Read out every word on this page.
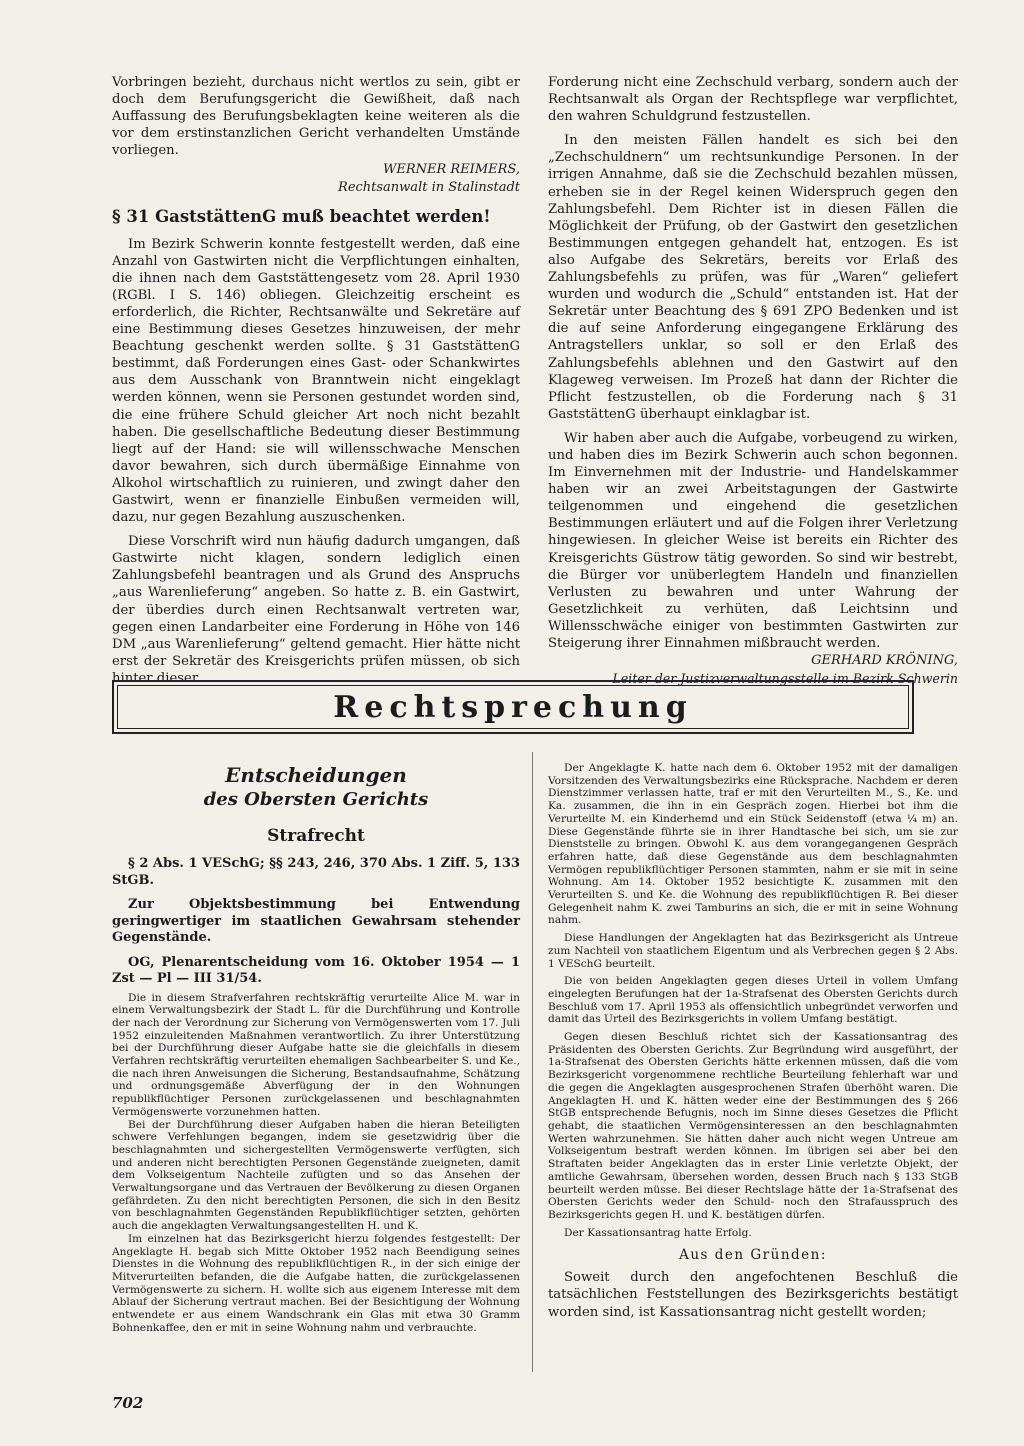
Vorbringen bezieht, durchaus nicht wertlos zu sein, gibt er doch dem Berufungsgericht die Gewißheit, daß nach Auffassung des Berufungsbeklagten keine weiteren als die vor dem erstinstanzlichen Gericht verhandelten Umstände vorliegen.

WERNER REIMERS,
Rechtsanwalt in Stalinstadt
§ 31 GaststättenG muß beachtet werden!

Im Bezirk Schwerin konnte festgestellt werden, daß eine Anzahl von Gastwirten nicht die Verpflichtungen einhalten, die ihnen nach dem Gaststättengesetz vom 28. April 1930 (RGBl. I S. 146) obliegen. Gleichzeitig erscheint es erforderlich, die Richter, Rechtsanwälte und Sekretäre auf eine Bestimmung dieses Gesetzes hinzuweisen, der mehr Beachtung geschenkt werden sollte. § 31 GaststättenG bestimmt, daß Forderungen eines Gast- oder Schankwirtes aus dem Ausschank von Branntwein nicht eingeklagt werden können, wenn sie Personen gestundet worden sind, die eine frühere Schuld gleicher Art noch nicht bezahlt haben. Die gesellschaftliche Bedeutung dieser Bestimmung liegt auf der Hand: sie will willensschwache Menschen davor bewahren, sich durch übermäßige Einnahme von Alkohol wirtschaftlich zu ruinieren, und zwingt daher den Gastwirt, wenn er finanzielle Einbußen vermeiden will, dazu, nur gegen Bezahlung auszuschenken.

Diese Vorschrift wird nun häufig dadurch umgangen, daß Gastwirte nicht klagen, sondern lediglich einen Zahlungsbefehl beantragen und als Grund des Anspruchs „aus Warenlieferung“ angeben. So hatte z. B. ein Gastwirt, der überdies durch einen Rechtsanwalt vertreten war, gegen einen Landarbeiter eine Forderung in Höhe von 146 DM „aus Warenlieferung“ geltend gemacht. Hier hätte nicht erst der Sekretär des Kreisgerichts prüfen müssen, ob sich hinter dieser

Forderung nicht eine Zechschuld verbarg, sondern auch der Rechtsanwalt als Organ der Rechtspflege war verpflichtet, den wahren Schuldgrund festzustellen.

In den meisten Fällen handelt es sich bei den „Zechschuldnern“ um rechtsunkundige Personen. In der irrigen Annahme, daß sie die Zechschuld bezahlen müssen, erheben sie in der Regel keinen Widerspruch gegen den Zahlungsbefehl. Dem Richter ist in diesen Fällen die Möglichkeit der Prüfung, ob der Gastwirt den gesetzlichen Bestimmungen entgegen gehandelt hat, entzogen. Es ist also Aufgabe des Sekretärs, bereits vor Erlaß des Zahlungsbefehls zu prüfen, was für „Waren“ geliefert wurden und wodurch die „Schuld“ entstanden ist. Hat der Sekretär unter Beachtung des § 691 ZPO Bedenken und ist die auf seine Anforderung eingegangene Erklärung des Antragstellers unklar, so soll er den Erlaß des Zahlungsbefehls ablehnen und den Gastwirt auf den Klageweg verweisen. Im Prozeß hat dann der Richter die Pflicht festzustellen, ob die Forderung nach § 31 GaststättenG überhaupt einklagbar ist.

Wir haben aber auch die Aufgabe, vorbeugend zu wirken, und haben dies im Bezirk Schwerin auch schon begonnen. Im Einvernehmen mit der Industrie- und Handelskammer haben wir an zwei Arbeitstagungen der Gastwirte teilgenommen und eingehend die gesetzlichen Bestimmungen erläutert und auf die Folgen ihrer Verletzung hingewiesen. In gleicher Weise ist bereits ein Richter des Kreisgerichts Güstrow tätig geworden. So sind wir bestrebt, die Bürger vor unüberlegtem Handeln und finanziellen Verlusten zu bewahren und unter Wahrung der Gesetzlichkeit zu verhüten, daß Leichtsinn und Willensschwäche einiger von bestimmten Gastwirten zur Steigerung ihrer Einnahmen mißbraucht werden.

GERHARD KRÖNING,
Leiter der Justizverwaltungsstelle im Bezirk Schwerin
Rechtsprechung
Entscheidungen
des Obersten Gerichts
Strafrecht
§ 2 Abs. 1 VESchG; §§ 243, 246, 370 Abs. 1 Ziff. 5, 133 StGB.
Zur Objektsbestimmung bei Entwendung geringwertiger im staatlichen Gewahrsam stehender Gegenstände.
OG, Plenarentscheidung vom 16. Oktober 1954 — 1 Zst — Pl — III 31/54.

Die in diesem Strafverfahren rechtskräftig verurteilte Alice M. war in einem Verwaltungsbezirk der Stadt L. für die Durchführung und Kontrolle der nach der Verordnung zur Sicherung von Vermögenswerten vom 17. Juli 1952 einzuleitenden Maßnahmen verantwortlich. Zu ihrer Unterstützung bei der Durchführung dieser Aufgabe hatte sie die gleichfalls in diesem Verfahren rechtskräftig verurteilten ehemaligen Sachbearbeiter S. und Ke., die nach ihren Anweisungen die Sicherung, Bestandsaufnahme, Schätzung und ordnungsgemäße Abverfügung der in den Wohnungen republikflüchtiger Personen zurückgelassenen und beschlagnahmten Vermögenswerte vorzunehmen hatten.

Bei der Durchführung dieser Aufgaben haben die hieran Beteiligten schwere Verfehlungen begangen, indem sie gesetzwidrig über die beschlagnahmten und sichergestellten Vermögenswerte verfügten, sich und anderen nicht berechtigten Personen Gegenstände zueigneten, damit dem Volkseigentum Nachteile zufügten und so das Ansehen der Verwaltungsorgane und das Vertrauen der Bevölkerung zu diesen Organen gefährdeten. Zu den nicht berechtigten Personen, die sich in den Besitz von beschlagnahmten Gegenständen Republikflüchtiger setzten, gehörten auch die angeklagten Verwaltungsangestellten H. und K.

Im einzelnen hat das Bezirksgericht hierzu folgendes festgestellt: Der Angeklagte H. begab sich Mitte Oktober 1952 nach Beendigung seines Dienstes in die Wohnung des republikflüchtigen R., in der sich einige der Mitverurteilten befanden, die die Aufgabe hatten, die zurückgelassenen Vermögenswerte zu sichern. H. wollte sich aus eigenem Interesse mit dem Ablauf der Sicherung vertraut machen. Bei der Besichtigung der Wohnung entwendete er aus einem Wandschrank ein Glas mit etwa 30 Gramm Bohnenkaffee, den er mit in seine Wohnung nahm und verbrauchte.

Der Angeklagte K. hatte nach dem 6. Oktober 1952 mit der damaligen Vorsitzenden des Verwaltungsbezirks eine Rücksprache. Nachdem er deren Dienstzimmer verlassen hatte, traf er mit den Verurteilten M., S., Ke. und Ka. zusammen, die ihn in ein Gespräch zogen. Hierbei bot ihm die Verurteilte M. ein Kinderhemd und ein Stück Seidenstoff (etwa ¼ m) an. Diese Gegenstände führte sie in ihrer Handtasche bei sich, um sie zur Dienststelle zu bringen. Obwohl K. aus dem vorangegangenen Gespräch erfahren hatte, daß diese Gegenstände aus dem beschlagnahmten Vermögen republikflüchtiger Personen stammten, nahm er sie mit in seine Wohnung. Am 14. Oktober 1952 besichtigte K. zusammen mit den Verurteilten S. und Ke. die Wohnung des republikflüchtigen R. Bei dieser Gelegenheit nahm K. zwei Tamburins an sich, die er mit in seine Wohnung nahm.

Diese Handlungen der Angeklagten hat das Bezirksgericht als Untreue zum Nachteil von staatlichem Eigentum und als Verbrechen gegen § 2 Abs. 1 VESchG beurteilt.

Die von beiden Angeklagten gegen dieses Urteil in vollem Umfang eingelegten Berufungen hat der 1a-Strafsenat des Obersten Gerichts durch Beschluß vom 17. April 1953 als offensichtlich unbegründet verworfen und damit das Urteil des Bezirksgerichts in vollem Umfang bestätigt.

Gegen diesen Beschluß richtet sich der Kassationsantrag des Präsidenten des Obersten Gerichts. Zur Begründung wird ausgeführt, der 1a-Strafsenat des Obersten Gerichts hätte erkennen müssen, daß die vom Bezirksgericht vorgenommene rechtliche Beurteilung fehlerhaft war und die gegen die Angeklagten ausgesprochenen Strafen überhöht waren. Die Angeklagten H. und K. hätten weder eine der Bestimmungen des § 266 StGB entsprechende Befugnis, noch im Sinne dieses Gesetzes die Pflicht gehabt, die staatlichen Vermögensinteressen an den beschlagnahmten Werten wahrzunehmen. Sie hätten daher auch nicht wegen Untreue am Volkseigentum bestraft werden können. Im übrigen sei aber bei den Straftaten beider Angeklagten das in erster Linie verletzte Objekt, der amtliche Gewahrsam, übersehen worden, dessen Bruch nach § 133 StGB beurteilt werden müsse. Bei dieser Rechtslage hätte der 1a-Strafsenat des Obersten Gerichts weder den Schuld- noch den Strafausspruch des Bezirksgerichts gegen H. und K. bestätigen dürfen.

Der Kassationsantrag hatte Erfolg.

Aus den Gründen:

Soweit durch den angefochtenen Beschluß die tatsächlichen Feststellungen des Bezirksgerichts bestätigt worden sind, ist Kassationsantrag nicht gestellt worden;

702
